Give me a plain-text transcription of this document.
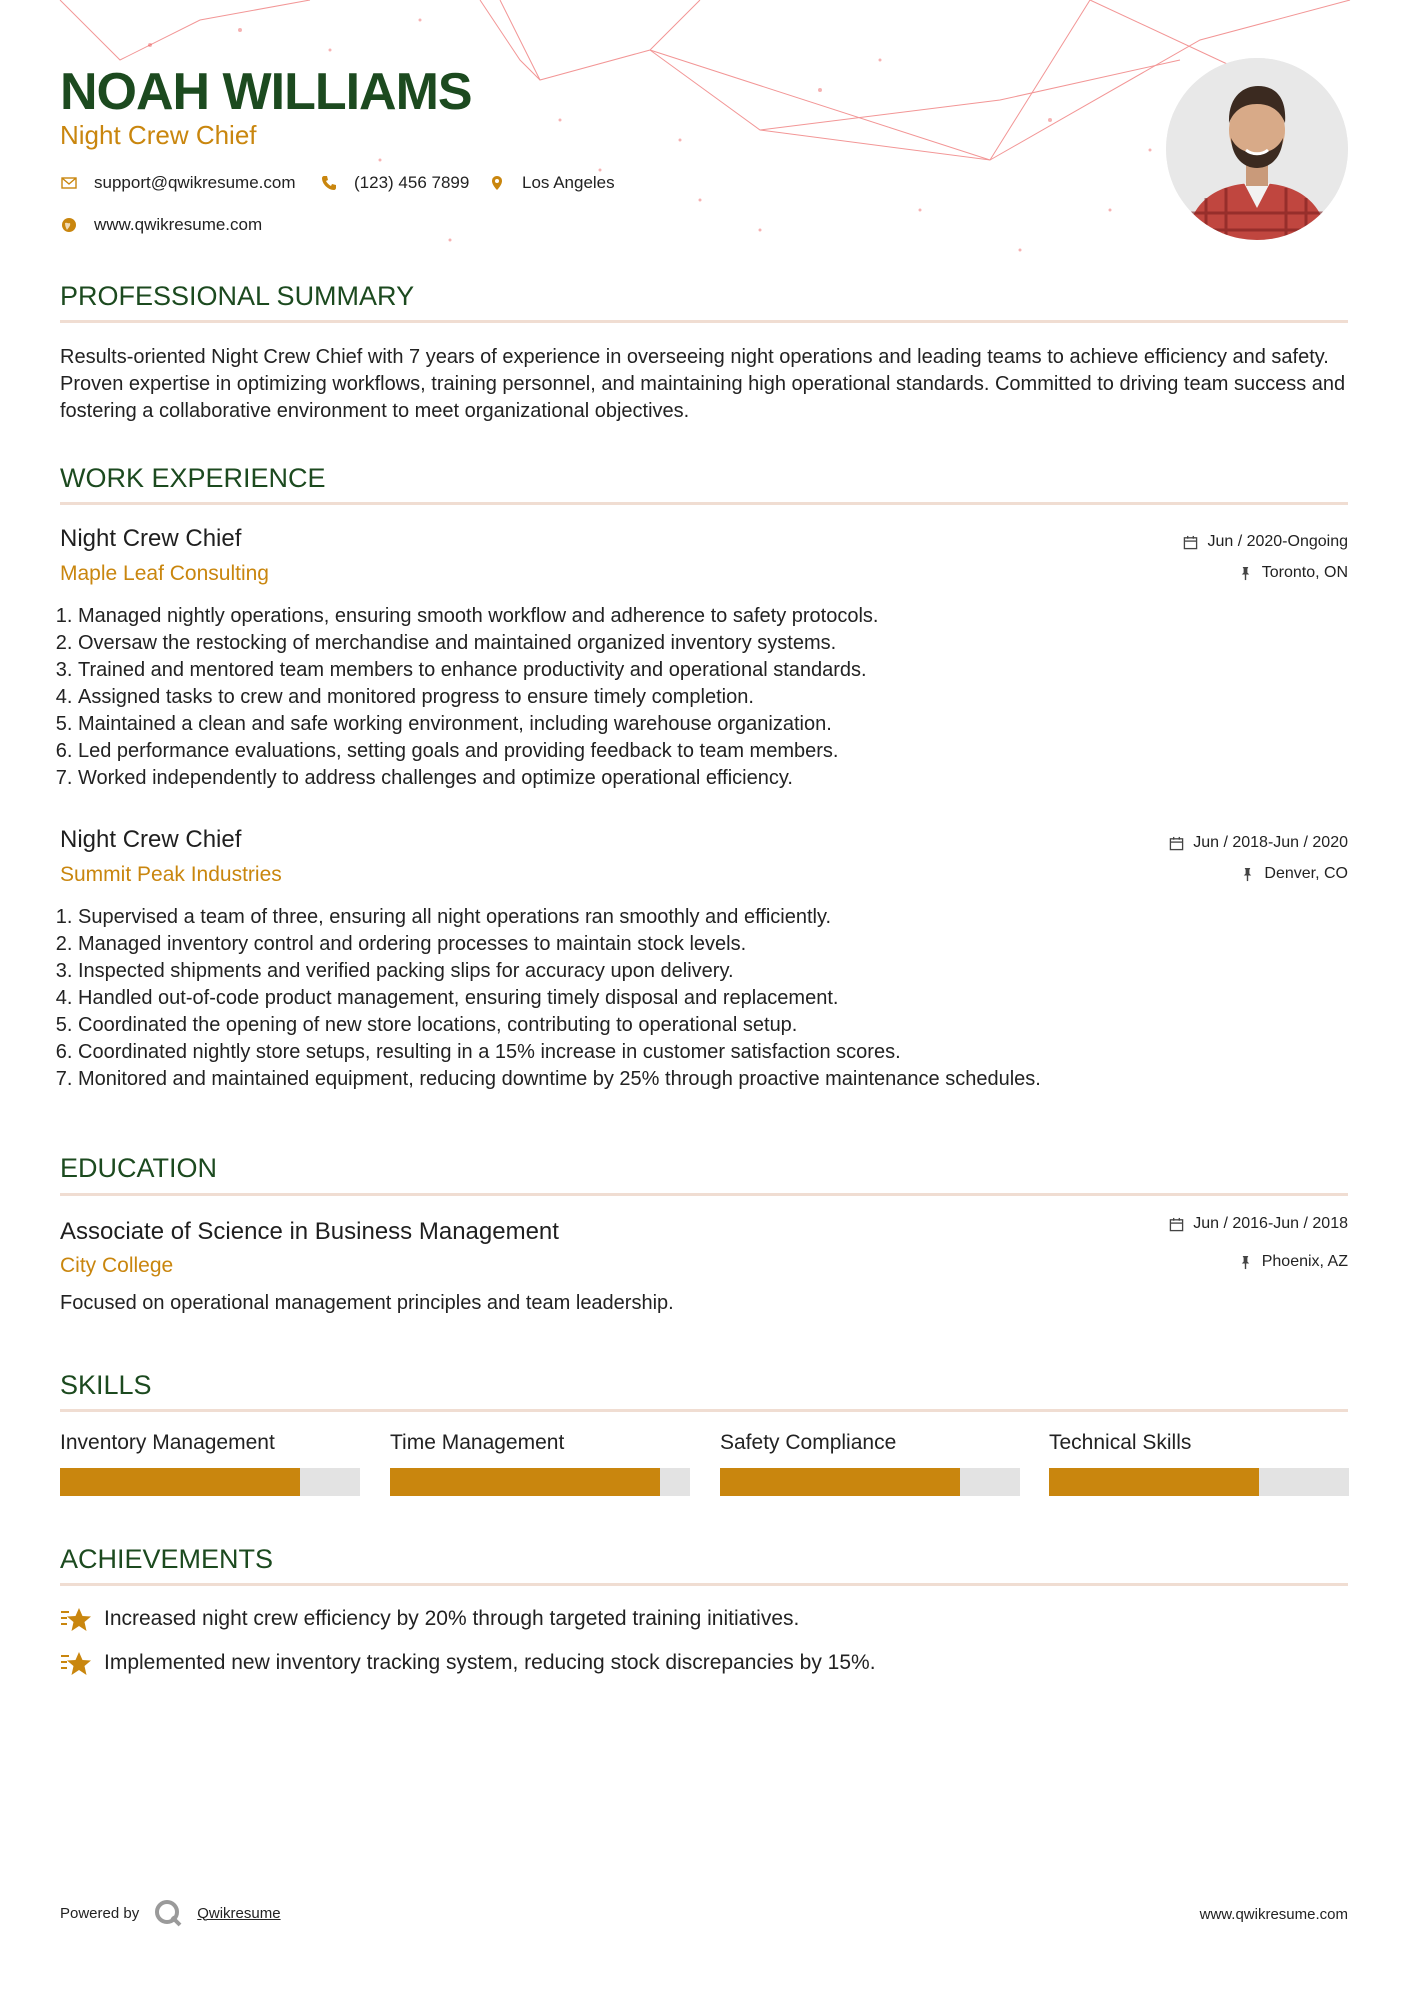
NOAH WILLIAMS
Night Crew Chief
support@qwikresume.com	(123) 456 7899	Los Angeles
www.qwikresume.com
PROFESSIONAL SUMMARY
Results-oriented Night Crew Chief with 7 years of experience in overseeing night operations and leading teams to achieve efficiency and safety. Proven expertise in optimizing workflows, training personnel, and maintaining high operational standards. Committed to driving team success and fostering a collaborative environment to meet organizational objectives.
WORK EXPERIENCE
Night Crew Chief
Maple Leaf Consulting
Jun / 2020-Ongoing
Toronto, ON
1. Managed nightly operations, ensuring smooth workflow and adherence to safety protocols.
2. Oversaw the restocking of merchandise and maintained organized inventory systems.
3. Trained and mentored team members to enhance productivity and operational standards.
4. Assigned tasks to crew and monitored progress to ensure timely completion.
5. Maintained a clean and safe working environment, including warehouse organization.
6. Led performance evaluations, setting goals and providing feedback to team members.
7. Worked independently to address challenges and optimize operational efficiency.
Night Crew Chief
Summit Peak Industries
Jun / 2018-Jun / 2020
Denver, CO
1. Supervised a team of three, ensuring all night operations ran smoothly and efficiently.
2. Managed inventory control and ordering processes to maintain stock levels.
3. Inspected shipments and verified packing slips for accuracy upon delivery.
4. Handled out-of-code product management, ensuring timely disposal and replacement.
5. Coordinated the opening of new store locations, contributing to operational setup.
6. Coordinated nightly store setups, resulting in a 15% increase in customer satisfaction scores.
7. Monitored and maintained equipment, reducing downtime by 25% through proactive maintenance schedules.
EDUCATION
Associate of Science in Business Management
City College
Jun / 2016-Jun / 2018
Phoenix, AZ
Focused on operational management principles and team leadership.
SKILLS
Inventory Management	Time Management	Safety Compliance	Technical Skills
ACHIEVEMENTS
Increased night crew efficiency by 20% through targeted training initiatives.
Implemented new inventory tracking system, reducing stock discrepancies by 15%.
Powered by	Qwikresume	www.qwikresume.com
